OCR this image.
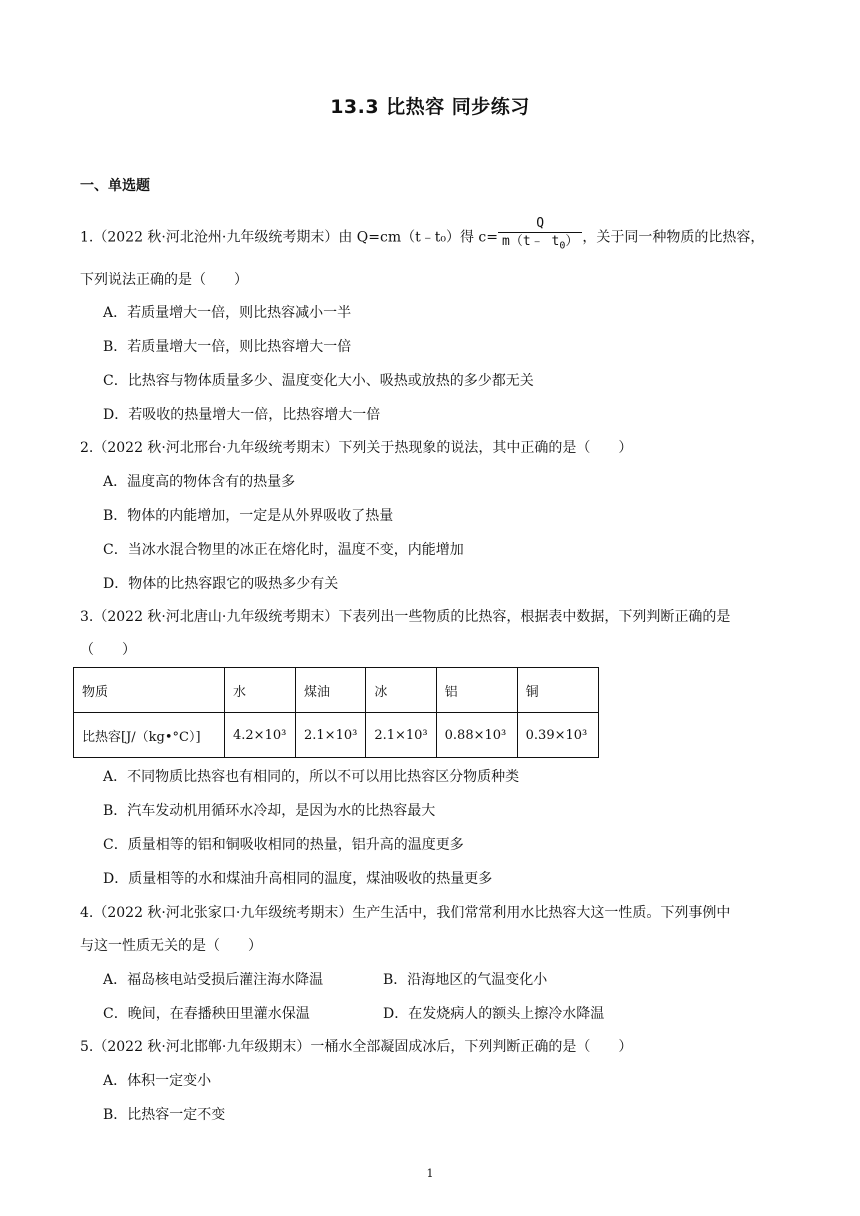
13.3 比热容 同步练习
一、单选题
1.（2022 秋·河北沧州·九年级统考期末）由 Q=cm（t﹣t₀）得 $c= \frac{Q}{m(t﹣ t_0)}$ ，关于同一种物质的比热容，
下列说法正确的是（　　）
A．若质量增大一倍，则比热容减小一半
B．若质量增大一倍，则比热容增大一倍
C．比热容与物体质量多少、温度变化大小、吸热或放热的多少都无关
D．若吸收的热量增大一倍，比热容增大一倍
2.（2022 秋·河北邢台·九年级统考期末）下列关于热现象的说法，其中正确的是（　　）
A．温度高的物体含有的热量多
B．物体的内能增加，一定是从外界吸收了热量
C．当冰水混合物里的冰正在熔化时，温度不变，内能增加
D．物体的比热容跟它的吸热多少有关
3.（2022 秋·河北唐山·九年级统考期末）下表列出一些物质的比热容，根据表中数据，下列判断正确的是
（　　）
物质	水	煤油	冰	铝	铜
比热容[J/（kg•°C）]	4.2×10³	2.1×10³	2.1×10³	0.88×10³	0.39×10³
A．不同物质比热容也有相同的，所以不可以用比热容区分物质种类
B．汽车发动机用循环水冷却，是因为水的比热容最大
C．质量相等的铝和铜吸收相同的热量，铝升高的温度更多
D．质量相等的水和煤油升高相同的温度，煤油吸收的热量更多
4.（2022 秋·河北张家口·九年级统考期末）生产生活中，我们常常利用水比热容大这一性质。下列事例中
与这一性质无关的是（　　）
A．福岛核电站受损后灌注海水降温	B．沿海地区的气温变化小
C．晚间，在春播秧田里灌水保温	D．在发烧病人的额头上擦冷水降温
5.（2022 秋·河北邯郸·九年级期末）一桶水全部凝固成冰后，下列判断正确的是（　　）
A．体积一定变小
B．比热容一定不变
1
